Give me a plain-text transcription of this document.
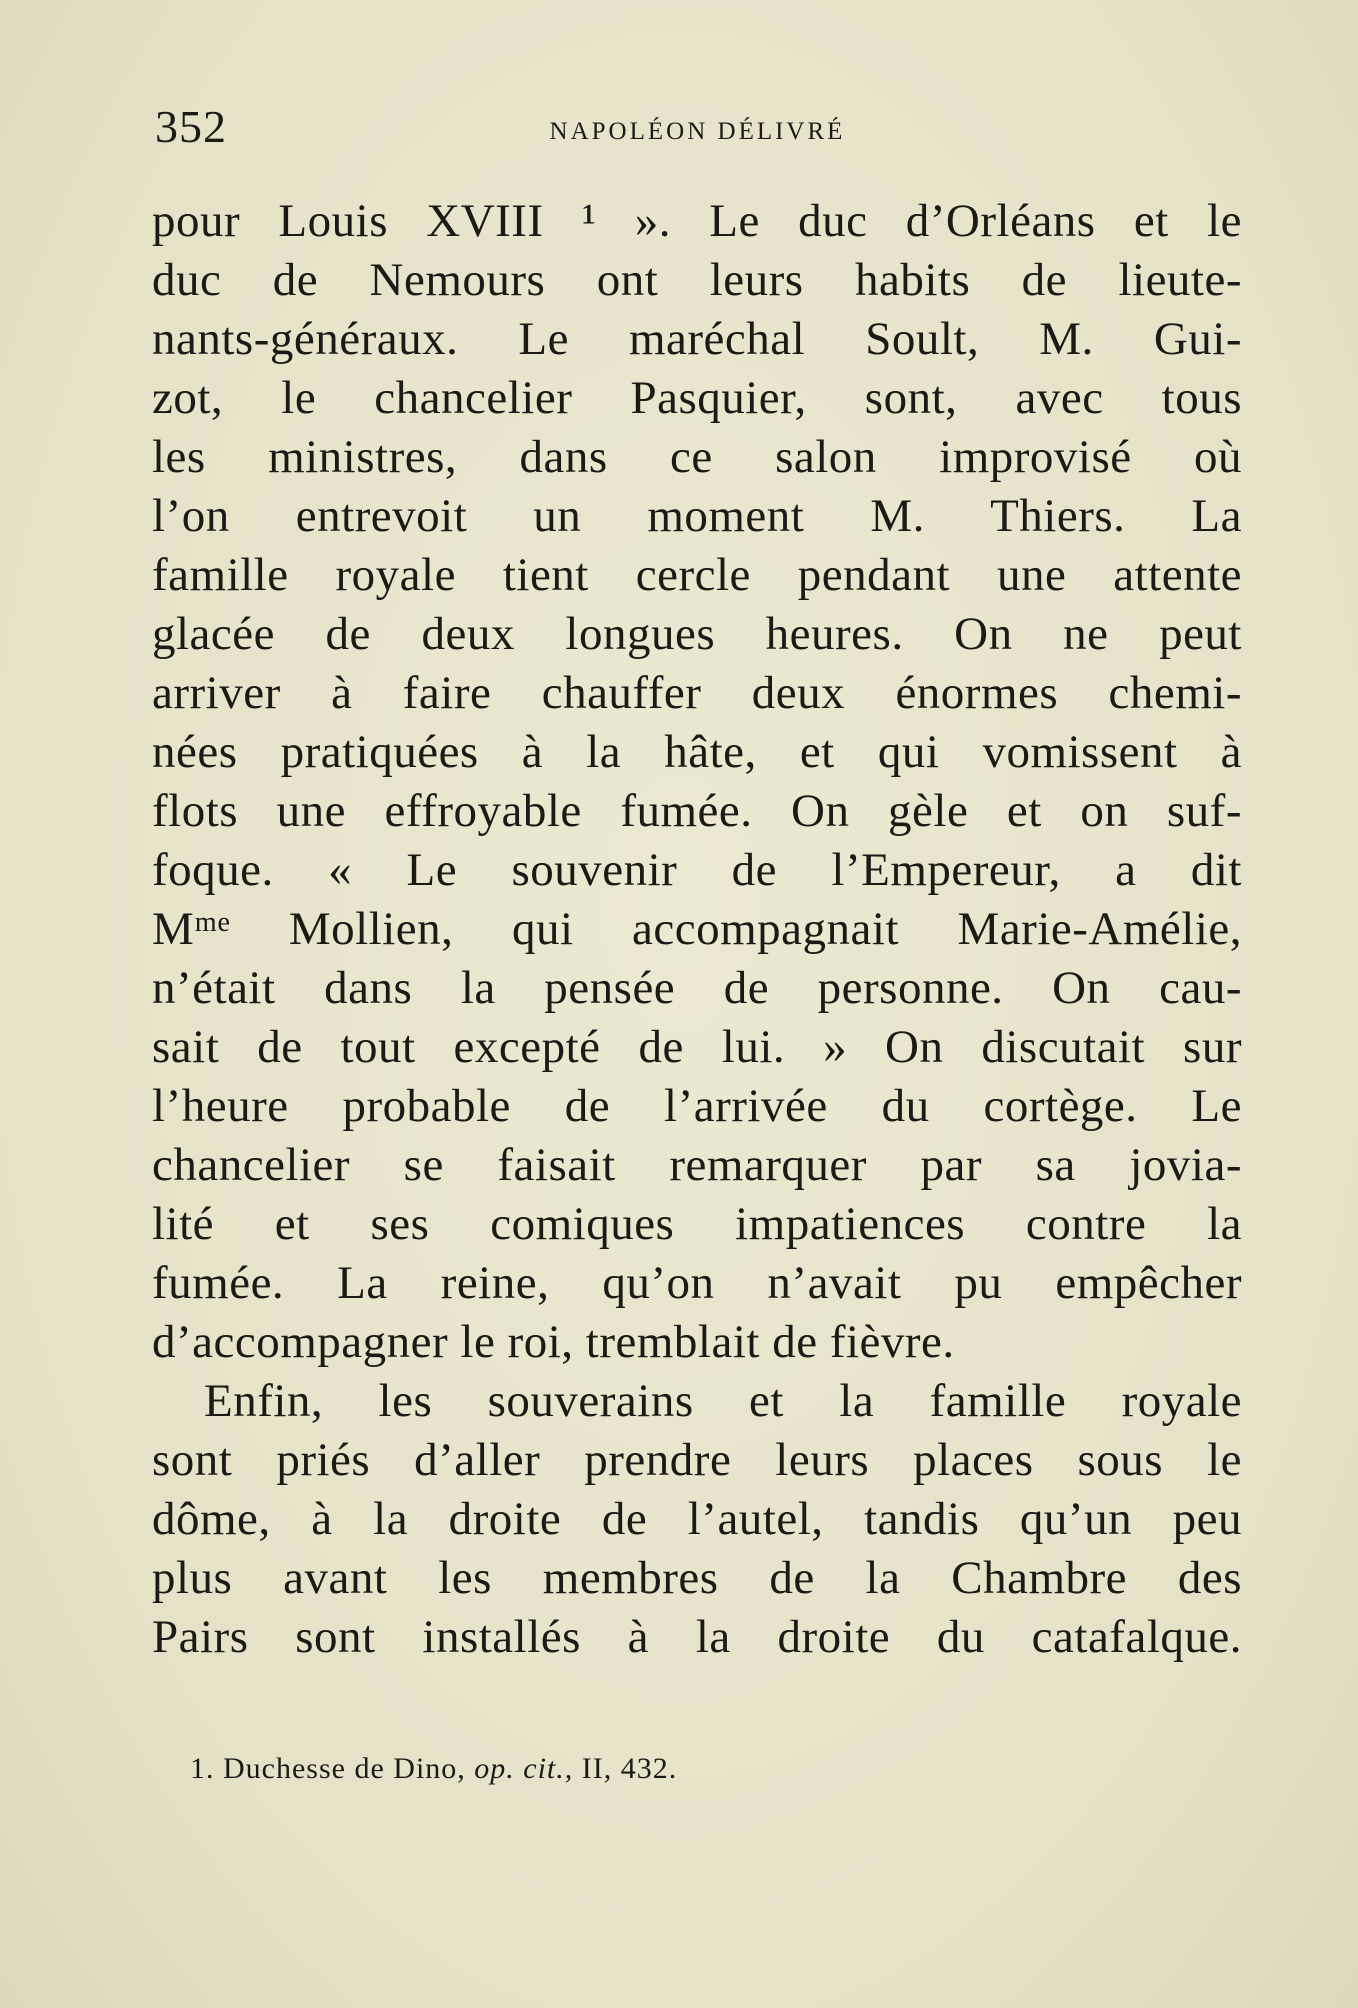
352	NAPOLÉON DÉLIVRÉ
pour Louis XVIII ¹ ». Le duc d’Orléans et le
duc de Nemours ont leurs habits de lieute-
nants-généraux. Le maréchal Soult, M. Gui-
zot, le chancelier Pasquier, sont, avec tous
les ministres, dans ce salon improvisé où
l’on entrevoit un moment M. Thiers. La
famille royale tient cercle pendant une attente
glacée de deux longues heures. On ne peut
arriver à faire chauffer deux énormes chemi-
nées pratiquées à la hâte, et qui vomissent à
flots une effroyable fumée. On gèle et on suf-
foque. « Le souvenir de l’Empereur, a dit
Mᵐᵉ Mollien, qui accompagnait Marie-Amélie,
n’était dans la pensée de personne. On cau-
sait de tout excepté de lui. » On discutait sur
l’heure probable de l’arrivée du cortège. Le
chancelier se faisait remarquer par sa jovia-
lité et ses comiques impatiences contre la
fumée. La reine, qu’on n’avait pu empêcher
d’accompagner le roi, tremblait de fièvre.
Enfin, les souverains et la famille royale
sont priés d’aller prendre leurs places sous le
dôme, à la droite de l’autel, tandis qu’un peu
plus avant les membres de la Chambre des
Pairs sont installés à la droite du catafalque.
1. Duchesse de Dino, op. cit., II, 432.
